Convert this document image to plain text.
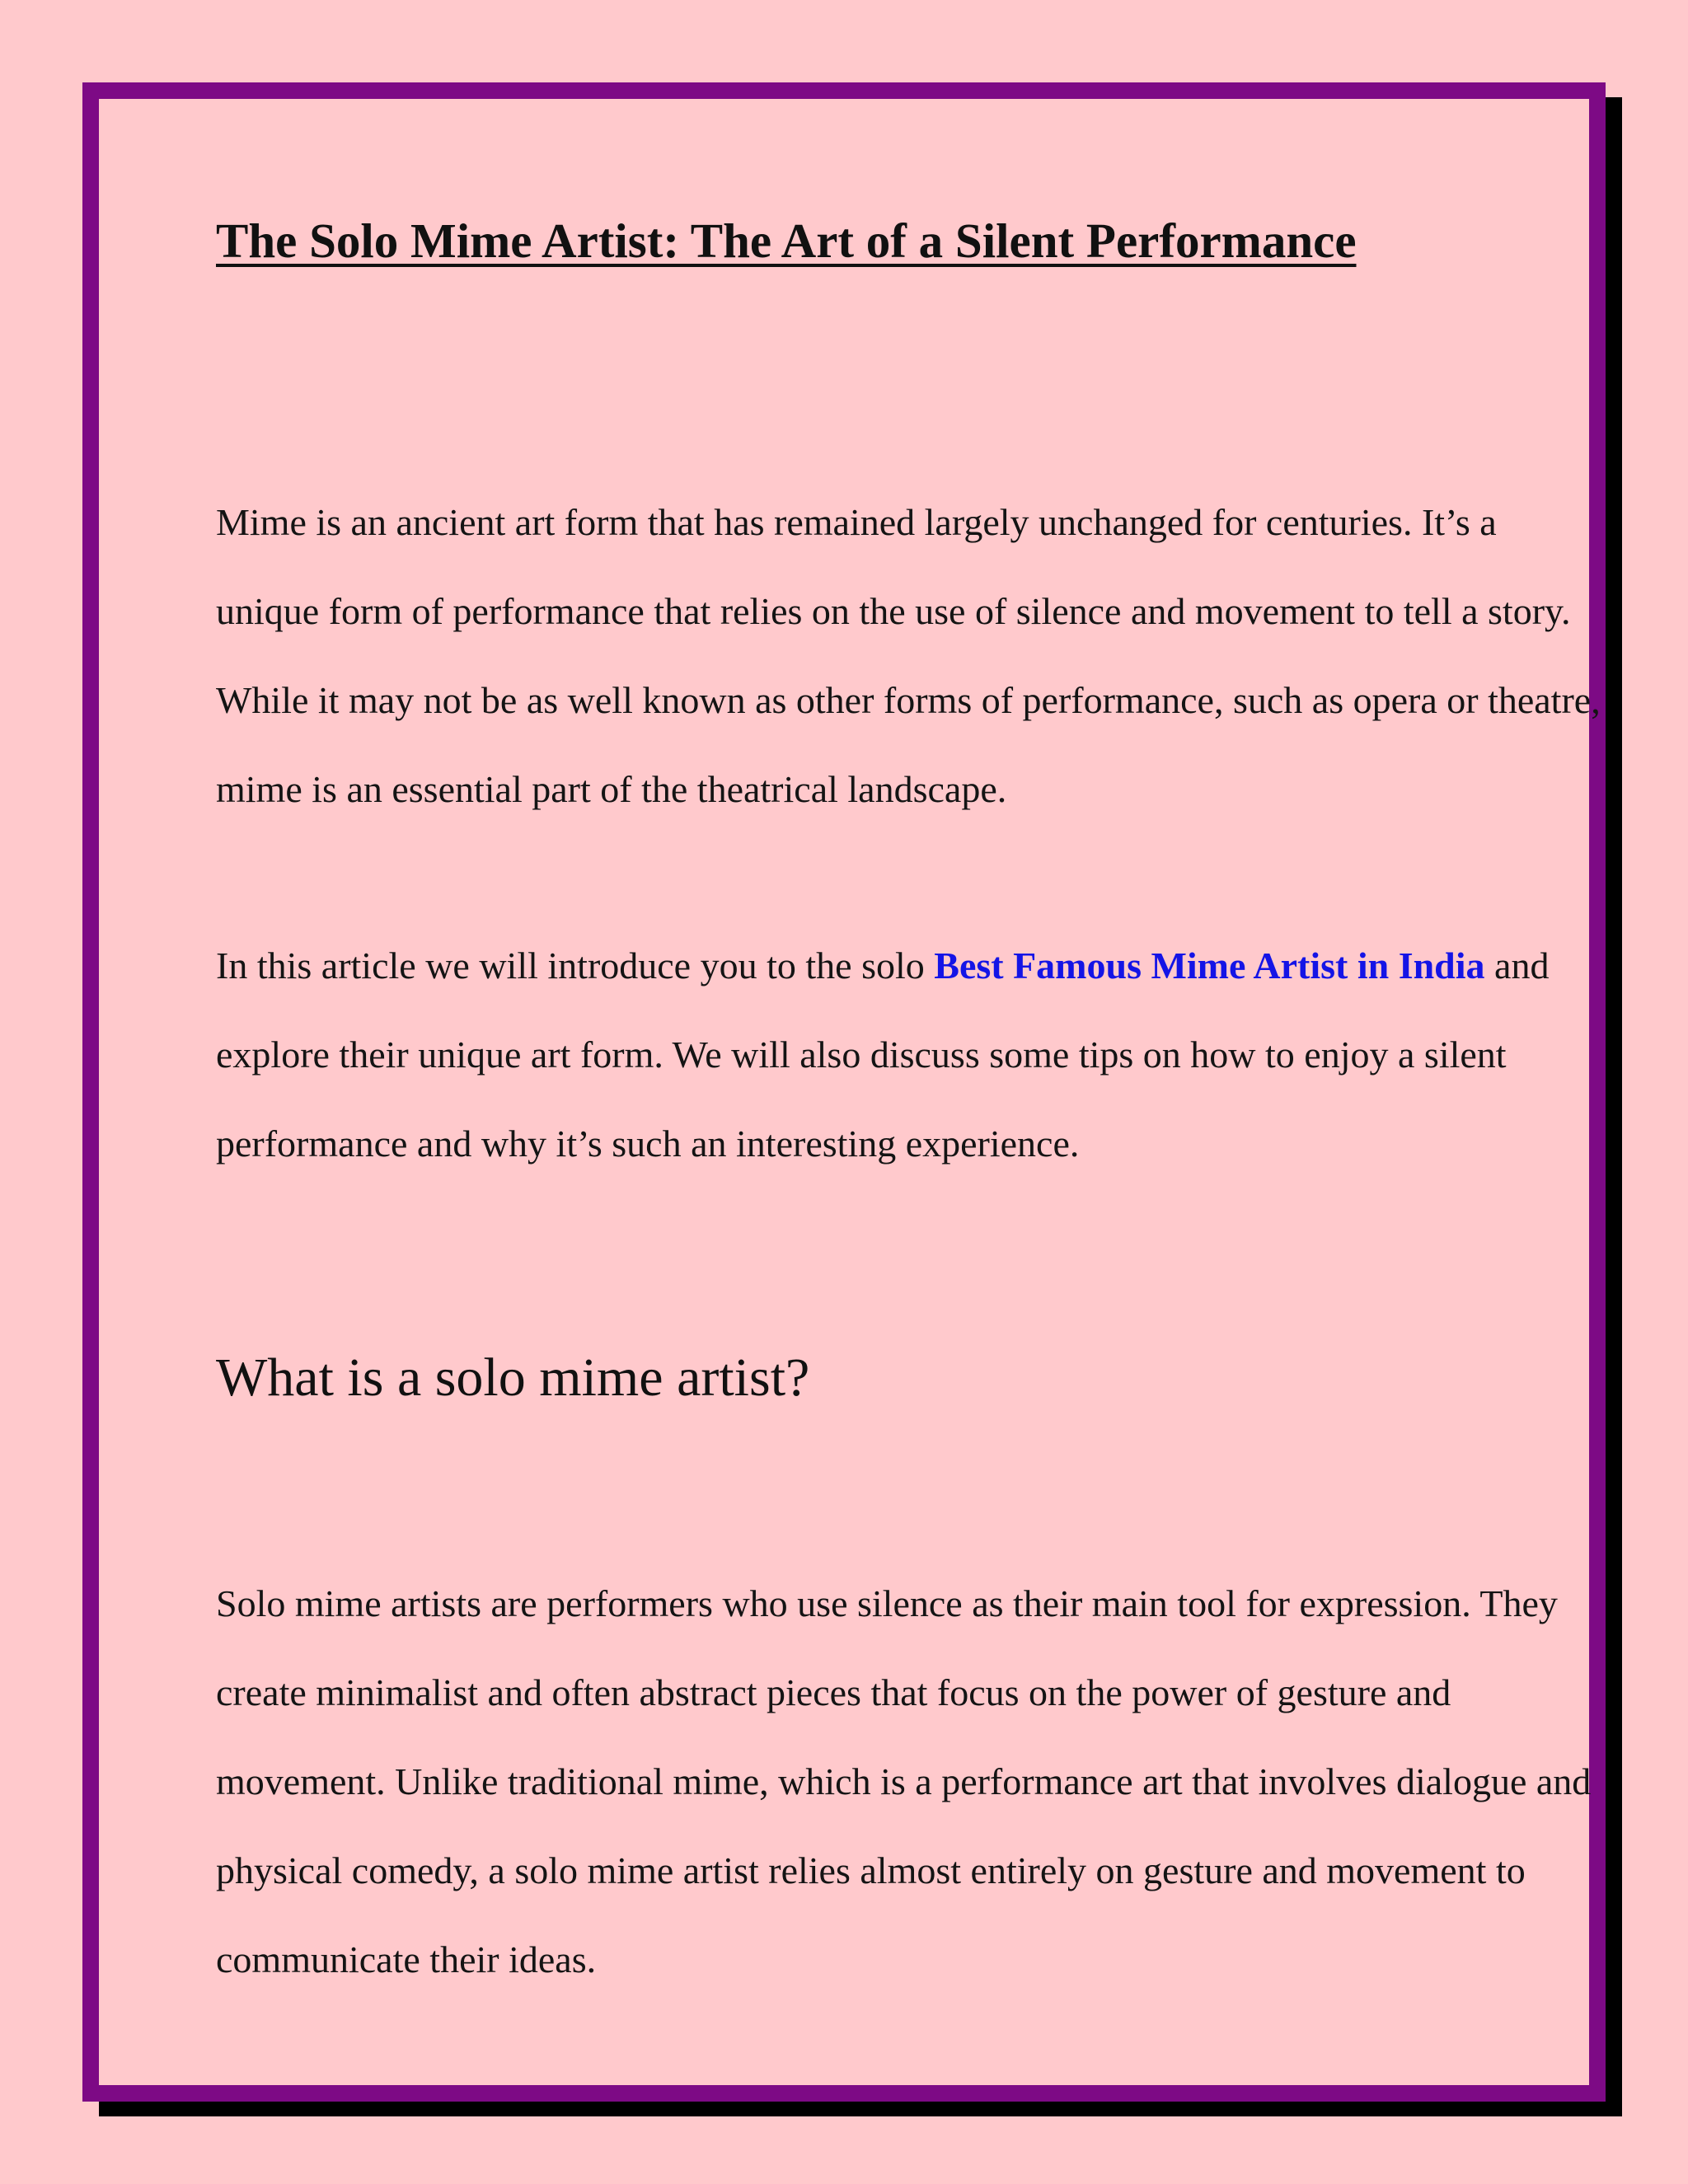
The Solo Mime Artist: The Art of a Silent Performance

Mime is an ancient art form that has remained largely unchanged for centuries. It’s a unique form of performance that relies on the use of silence and movement to tell a story. While it may not be as well known as other forms of performance, such as opera or theatre, mime is an essential part of the theatrical landscape.

In this article we will introduce you to the solo Best Famous Mime Artist in India and explore their unique art form. We will also discuss some tips on how to enjoy a silent performance and why it’s such an interesting experience.

What is a solo mime artist?

Solo mime artists are performers who use silence as their main tool for expression. They create minimalist and often abstract pieces that focus on the power of gesture and movement. Unlike traditional mime, which is a performance art that involves dialogue and physical comedy, a solo mime artist relies almost entirely on gesture and movement to communicate their ideas.
